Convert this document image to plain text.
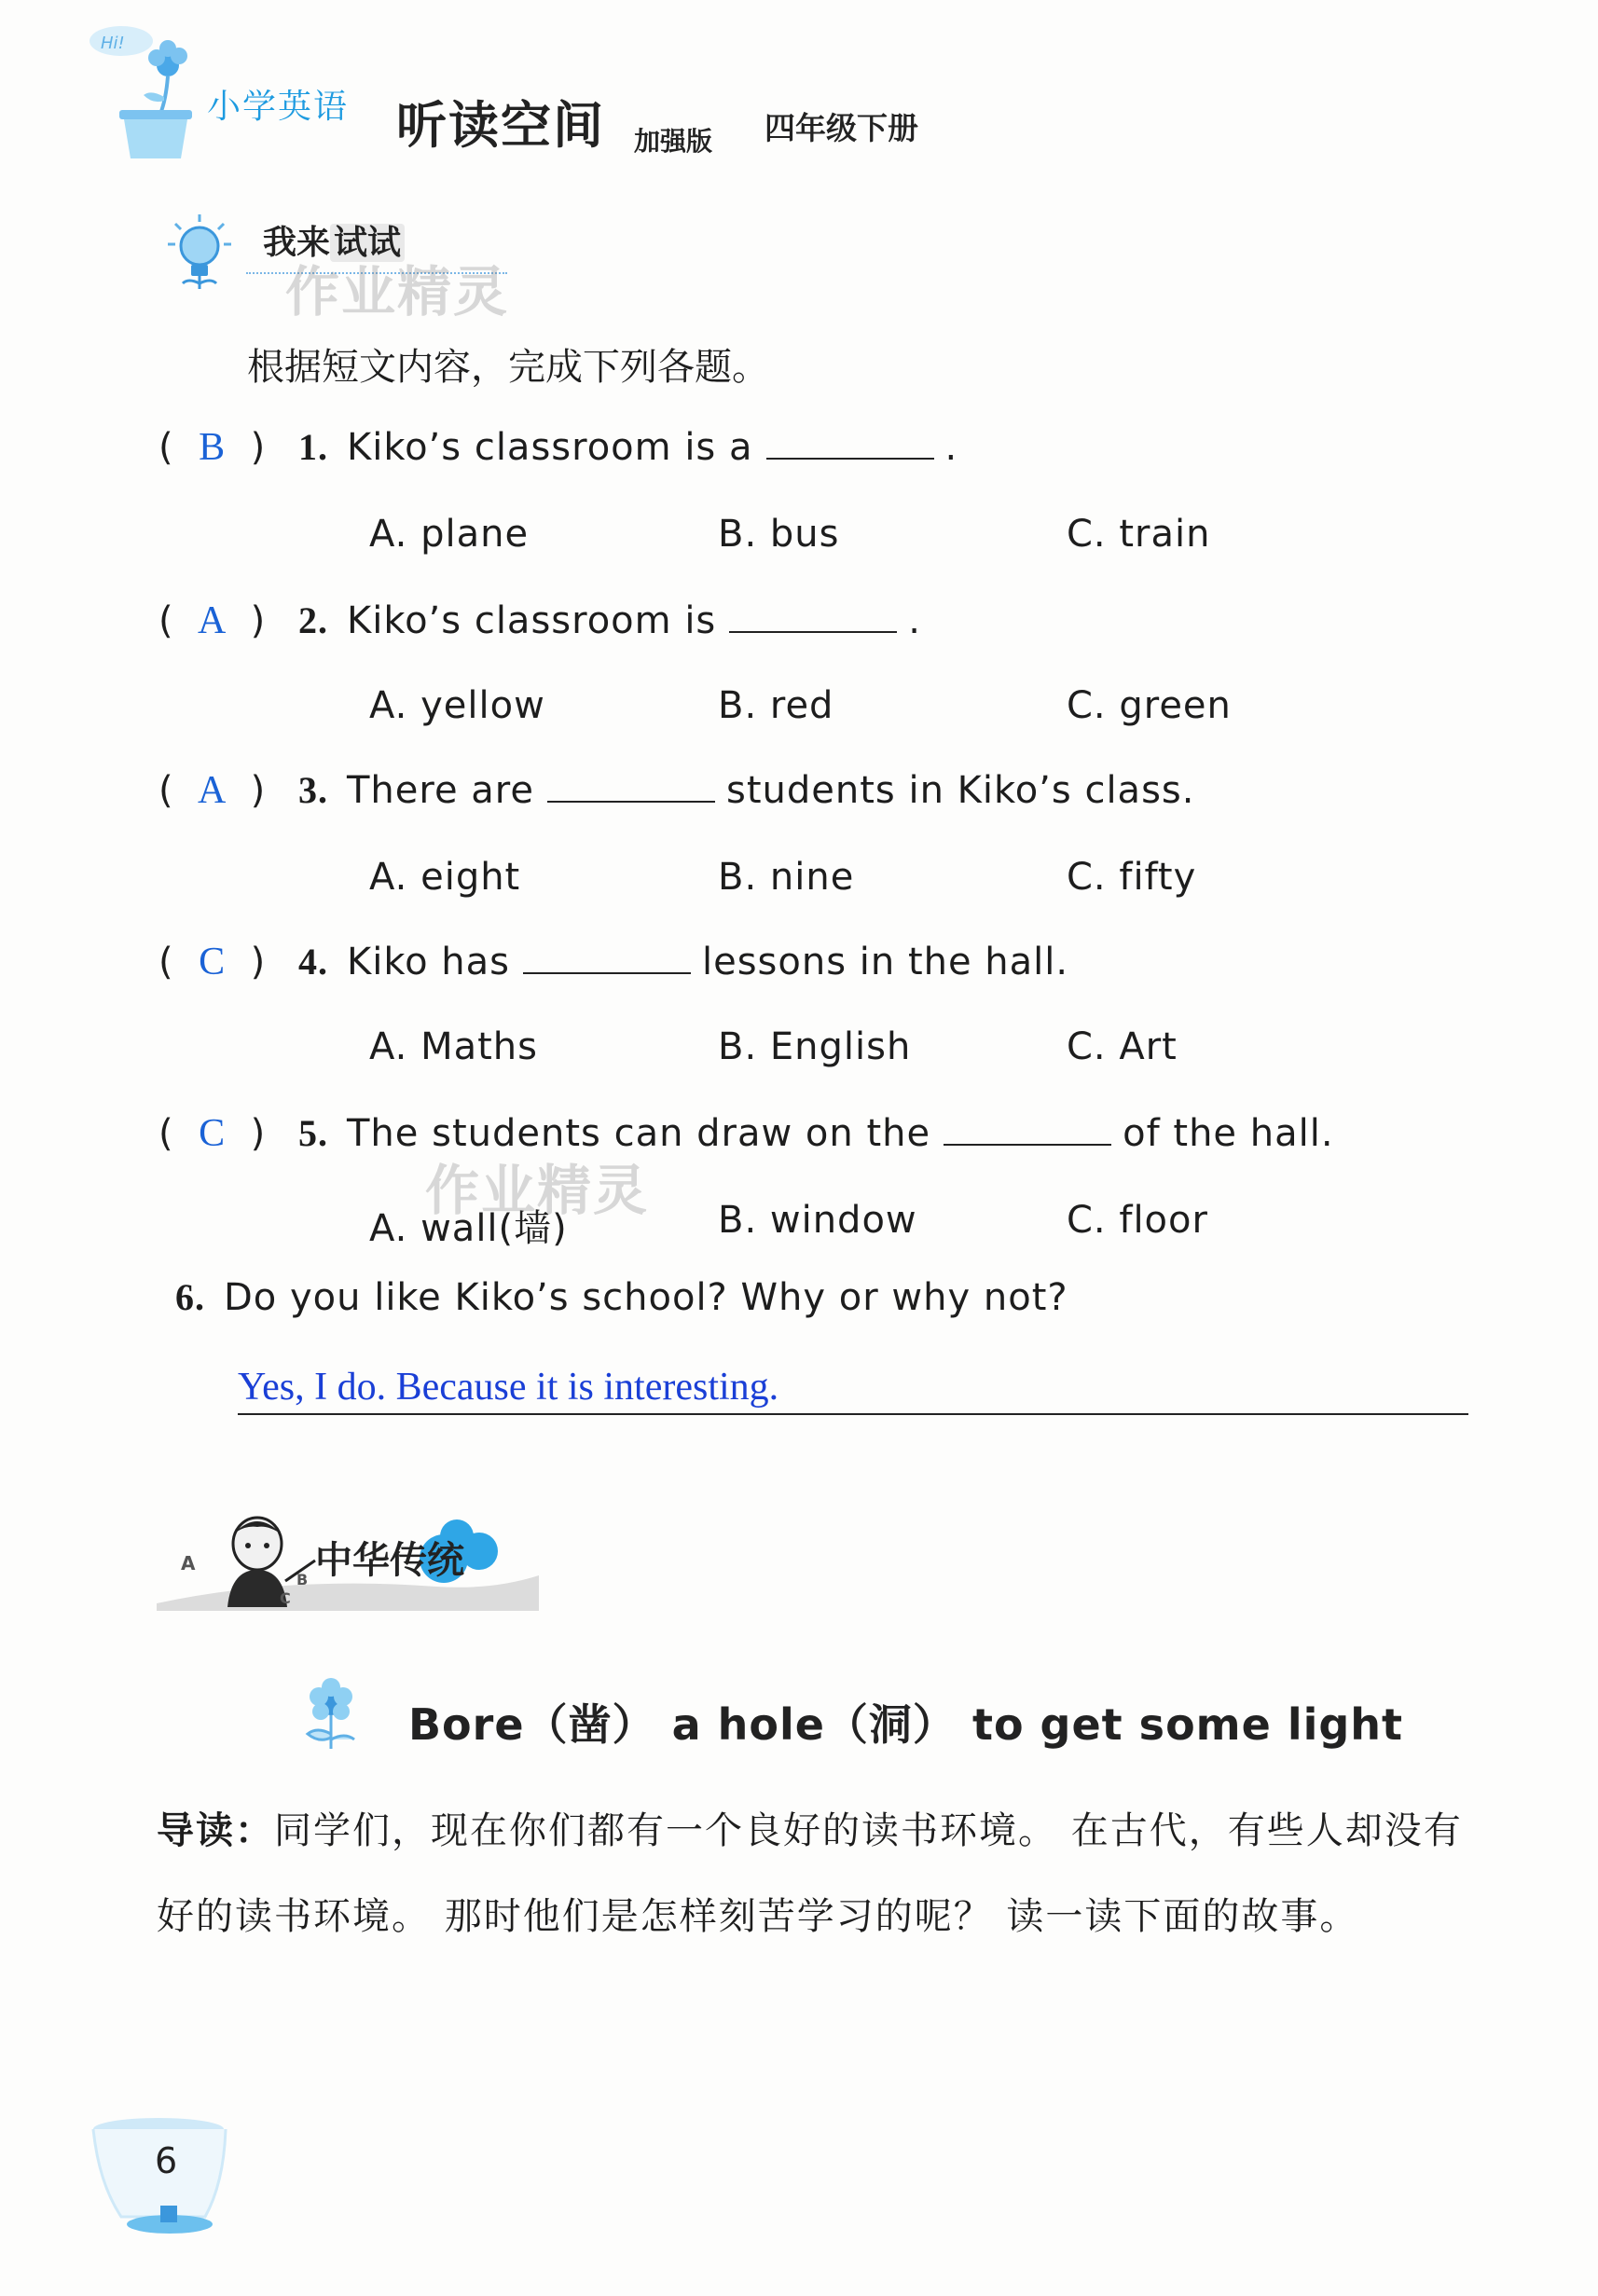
Hi!
小学英语 听读空间 加强版 四年级下册
我来 试试
作业精灵
根据短文内容，完成下列各题。
( B ) 1. Kiko’s classroom is a	.
A. plane	B. bus	C. train
( A ) 2. Kiko’s classroom is	.
A. yellow	B. red	C. green
( A ) 3. There are	students in Kiko’s class.
A. eight	B. nine	C. fifty
( C ) 4. Kiko has	lessons in the hall.
A. Maths	B. English	C. Art
( C ) 5. The students can draw on the	of the hall.
A. wall(墙)	B. window	C. floor
作业精灵
6. Do you like Kiko’s school? Why or why not?
Yes, I do. Because it is interesting.
A
B
C
中华传统
Bore（凿） a hole（洞） to get some light
导读：同学们，现在你们都有一个良好的读书环境。 在古代，有些人却没有好的读书环境。 那时他们是怎样刻苦学习的呢？ 读一读下面的故事。
6
